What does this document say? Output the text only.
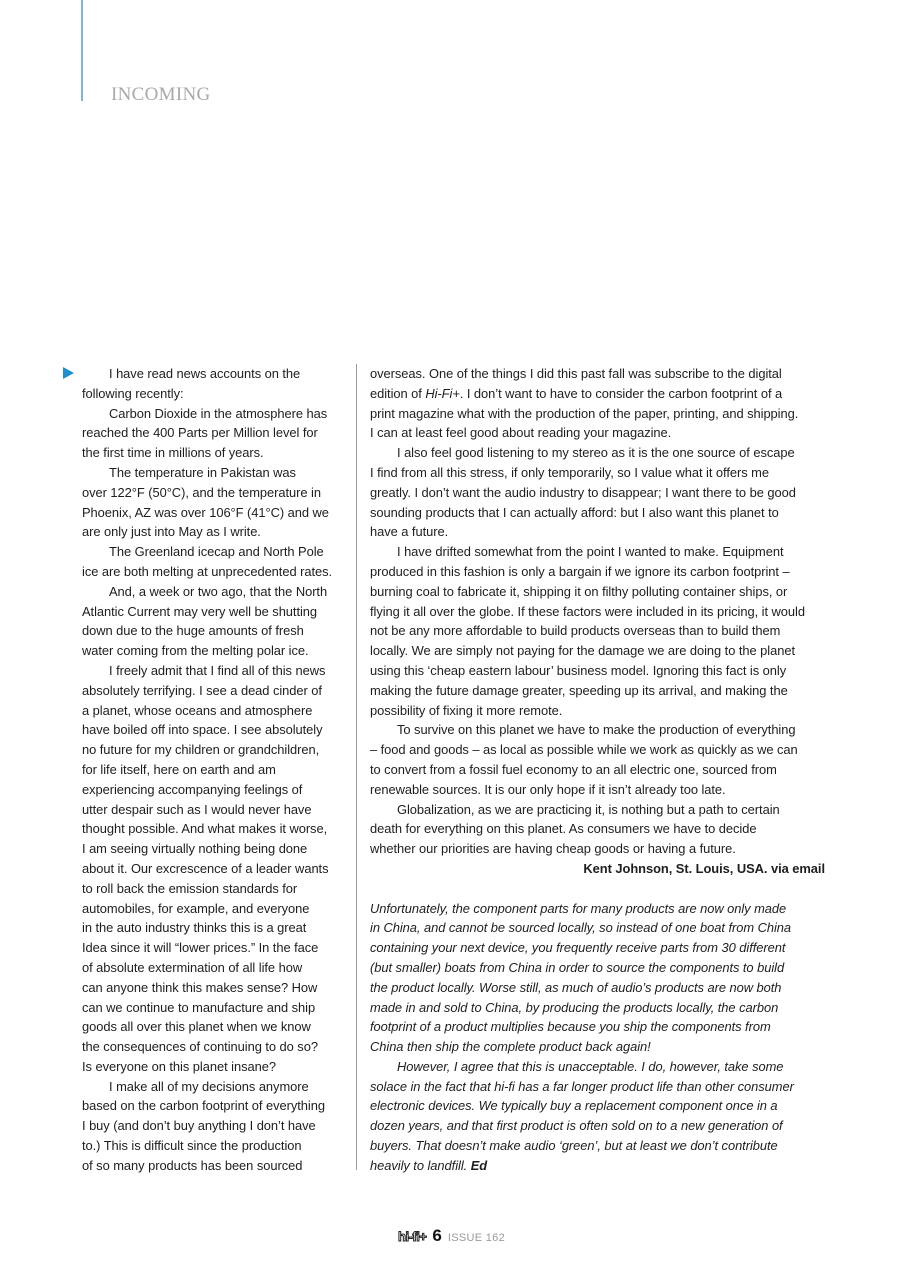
INCOMING
I have read news accounts on the
following recently:
Carbon Dioxide in the atmosphere has
reached the 400 Parts per Million level for
the first time in millions of years.
The temperature in Pakistan was
over 122°F (50°C), and the temperature in
Phoenix, AZ was over 106°F (41°C) and we
are only just into May as I write.
The Greenland icecap and North Pole
ice are both melting at unprecedented rates.
And, a week or two ago, that the North
Atlantic Current may very well be shutting
down due to the huge amounts of fresh
water coming from the melting polar ice.
I freely admit that I find all of this news
absolutely terrifying. I see a dead cinder of
a planet, whose oceans and atmosphere
have boiled off into space. I see absolutely
no future for my children or grandchildren,
for life itself, here on earth and am
experiencing accompanying feelings of
utter despair such as I would never have
thought possible. And what makes it worse,
I am seeing virtually nothing being done
about it. Our excrescence of a leader wants
to roll back the emission standards for
automobiles, for example, and everyone
in the auto industry thinks this is a great
Idea since it will “lower prices.” In the face
of absolute extermination of all life how
can anyone think this makes sense? How
can we continue to manufacture and ship
goods all over this planet when we know
the consequences of continuing to do so?
Is everyone on this planet insane?
I make all of my decisions anymore
based on the carbon footprint of everything
I buy (and don’t buy anything I don’t have
to.) This is difficult since the production
of so many products has been sourced
overseas. One of the things I did this past fall was subscribe to the digital
edition of Hi-Fi+. I don’t want to have to consider the carbon footprint of a
print magazine what with the production of the paper, printing, and shipping.
I can at least feel good about reading your magazine.
I also feel good listening to my stereo as it is the one source of escape
I find from all this stress, if only temporarily, so I value what it offers me
greatly. I don’t want the audio industry to disappear; I want there to be good
sounding products that I can actually afford: but I also want this planet to
have a future.
I have drifted somewhat from the point I wanted to make. Equipment
produced in this fashion is only a bargain if we ignore its carbon footprint –
burning coal to fabricate it, shipping it on filthy polluting container ships, or
flying it all over the globe. If these factors were included in its pricing, it would
not be any more affordable to build products overseas than to build them
locally. We are simply not paying for the damage we are doing to the planet
using this ‘cheap eastern labour’ business model. Ignoring this fact is only
making the future damage greater, speeding up its arrival, and making the
possibility of fixing it more remote.
To survive on this planet we have to make the production of everything
– food and goods – as local as possible while we work as quickly as we can
to convert from a fossil fuel economy to an all electric one, sourced from
renewable sources. It is our only hope if it isn’t already too late.
Globalization, as we are practicing it, is nothing but a path to certain
death for everything on this planet. As consumers we have to decide
whether our priorities are having cheap goods or having a future.
Kent Johnson, St. Louis, USA. via email
Unfortunately, the component parts for many products are now only made
in China, and cannot be sourced locally, so instead of one boat from China
containing your next device, you frequently receive parts from 30 different
(but smaller) boats from China in order to source the components to build
the product locally. Worse still, as much of audio’s products are now both
made in and sold to China, by producing the products locally, the carbon
footprint of a product multiplies because you ship the components from
China then ship the complete product back again!
However, I agree that this is unacceptable. I do, however, take some
solace in the fact that hi-fi has a far longer product life than other consumer
electronic devices. We typically buy a replacement component once in a
dozen years, and that first product is often sold on to a new generation of
buyers. That doesn’t make audio ‘green’, but at least we don’t contribute
heavily to landfill. Ed
hi-fi+ 6 ISSUE 162
